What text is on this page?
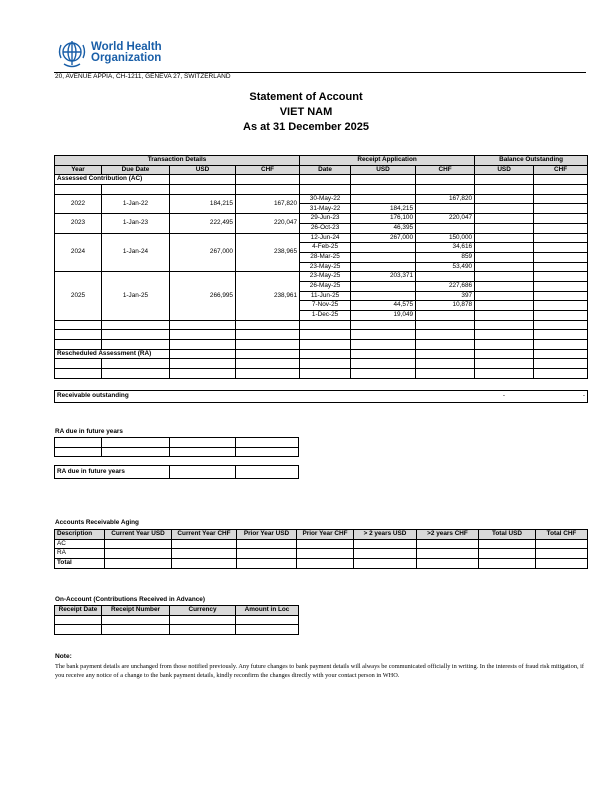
World Health
Organization
20, AVENUE APPIA, CH-1211, GENEVA 27, SWITZERLAND
Statement of Account
VIET NAM
As at 31 December 2025
Transaction Details				Receipt Application			Balance Outstanding	
Year	Due Date	USD	CHF	Date	USD	CHF	USD	CHF
Assessed Contribution (AC)								

2022	1-Jan-22	184,215	167,820	30-May-22		167,820		
				31-May-22	184,215			
2023	1-Jan-23	222,495	220,047	29-Jun-23	176,100	220,047		
				26-Oct-23	46,395			
2024	1-Jan-24	267,000	238,965	12-Jun-24	267,000	150,000		
				4-Feb-25		34,616		
				28-Mar-25		859		
				23-May-25		53,490		
2025	1-Jan-25	266,995	238,961	23-May-25	203,371			
				26-May-25		227,686		
				11-Jun-25		397		
				7-Nov-25	44,575	10,878		
				1-Dec-25	19,049			

Rescheduled Assessment (RA)								

Receivable outstanding	-	-
RA due in future years

RA due in future years		
Accounts Receivable Aging
Description	Current Year USD	Current Year CHF	Prior Year USD	Prior Year CHF	> 2 years USD	>2 years CHF	Total USD	Total CHF
AC								
RA								
Total								
On-Account (Contributions Received in Advance)
Receipt Date	Receipt Number	Currency	Amount in Loc

Note:
The bank payment details are unchanged from those notified previously. Any future changes to bank payment details will always be communicated officially in writing. In the interests of fraud risk mitigation, if you receive any notice of a change to the bank payment details, kindly reconfirm the changes directly with your contact person in WHO.
